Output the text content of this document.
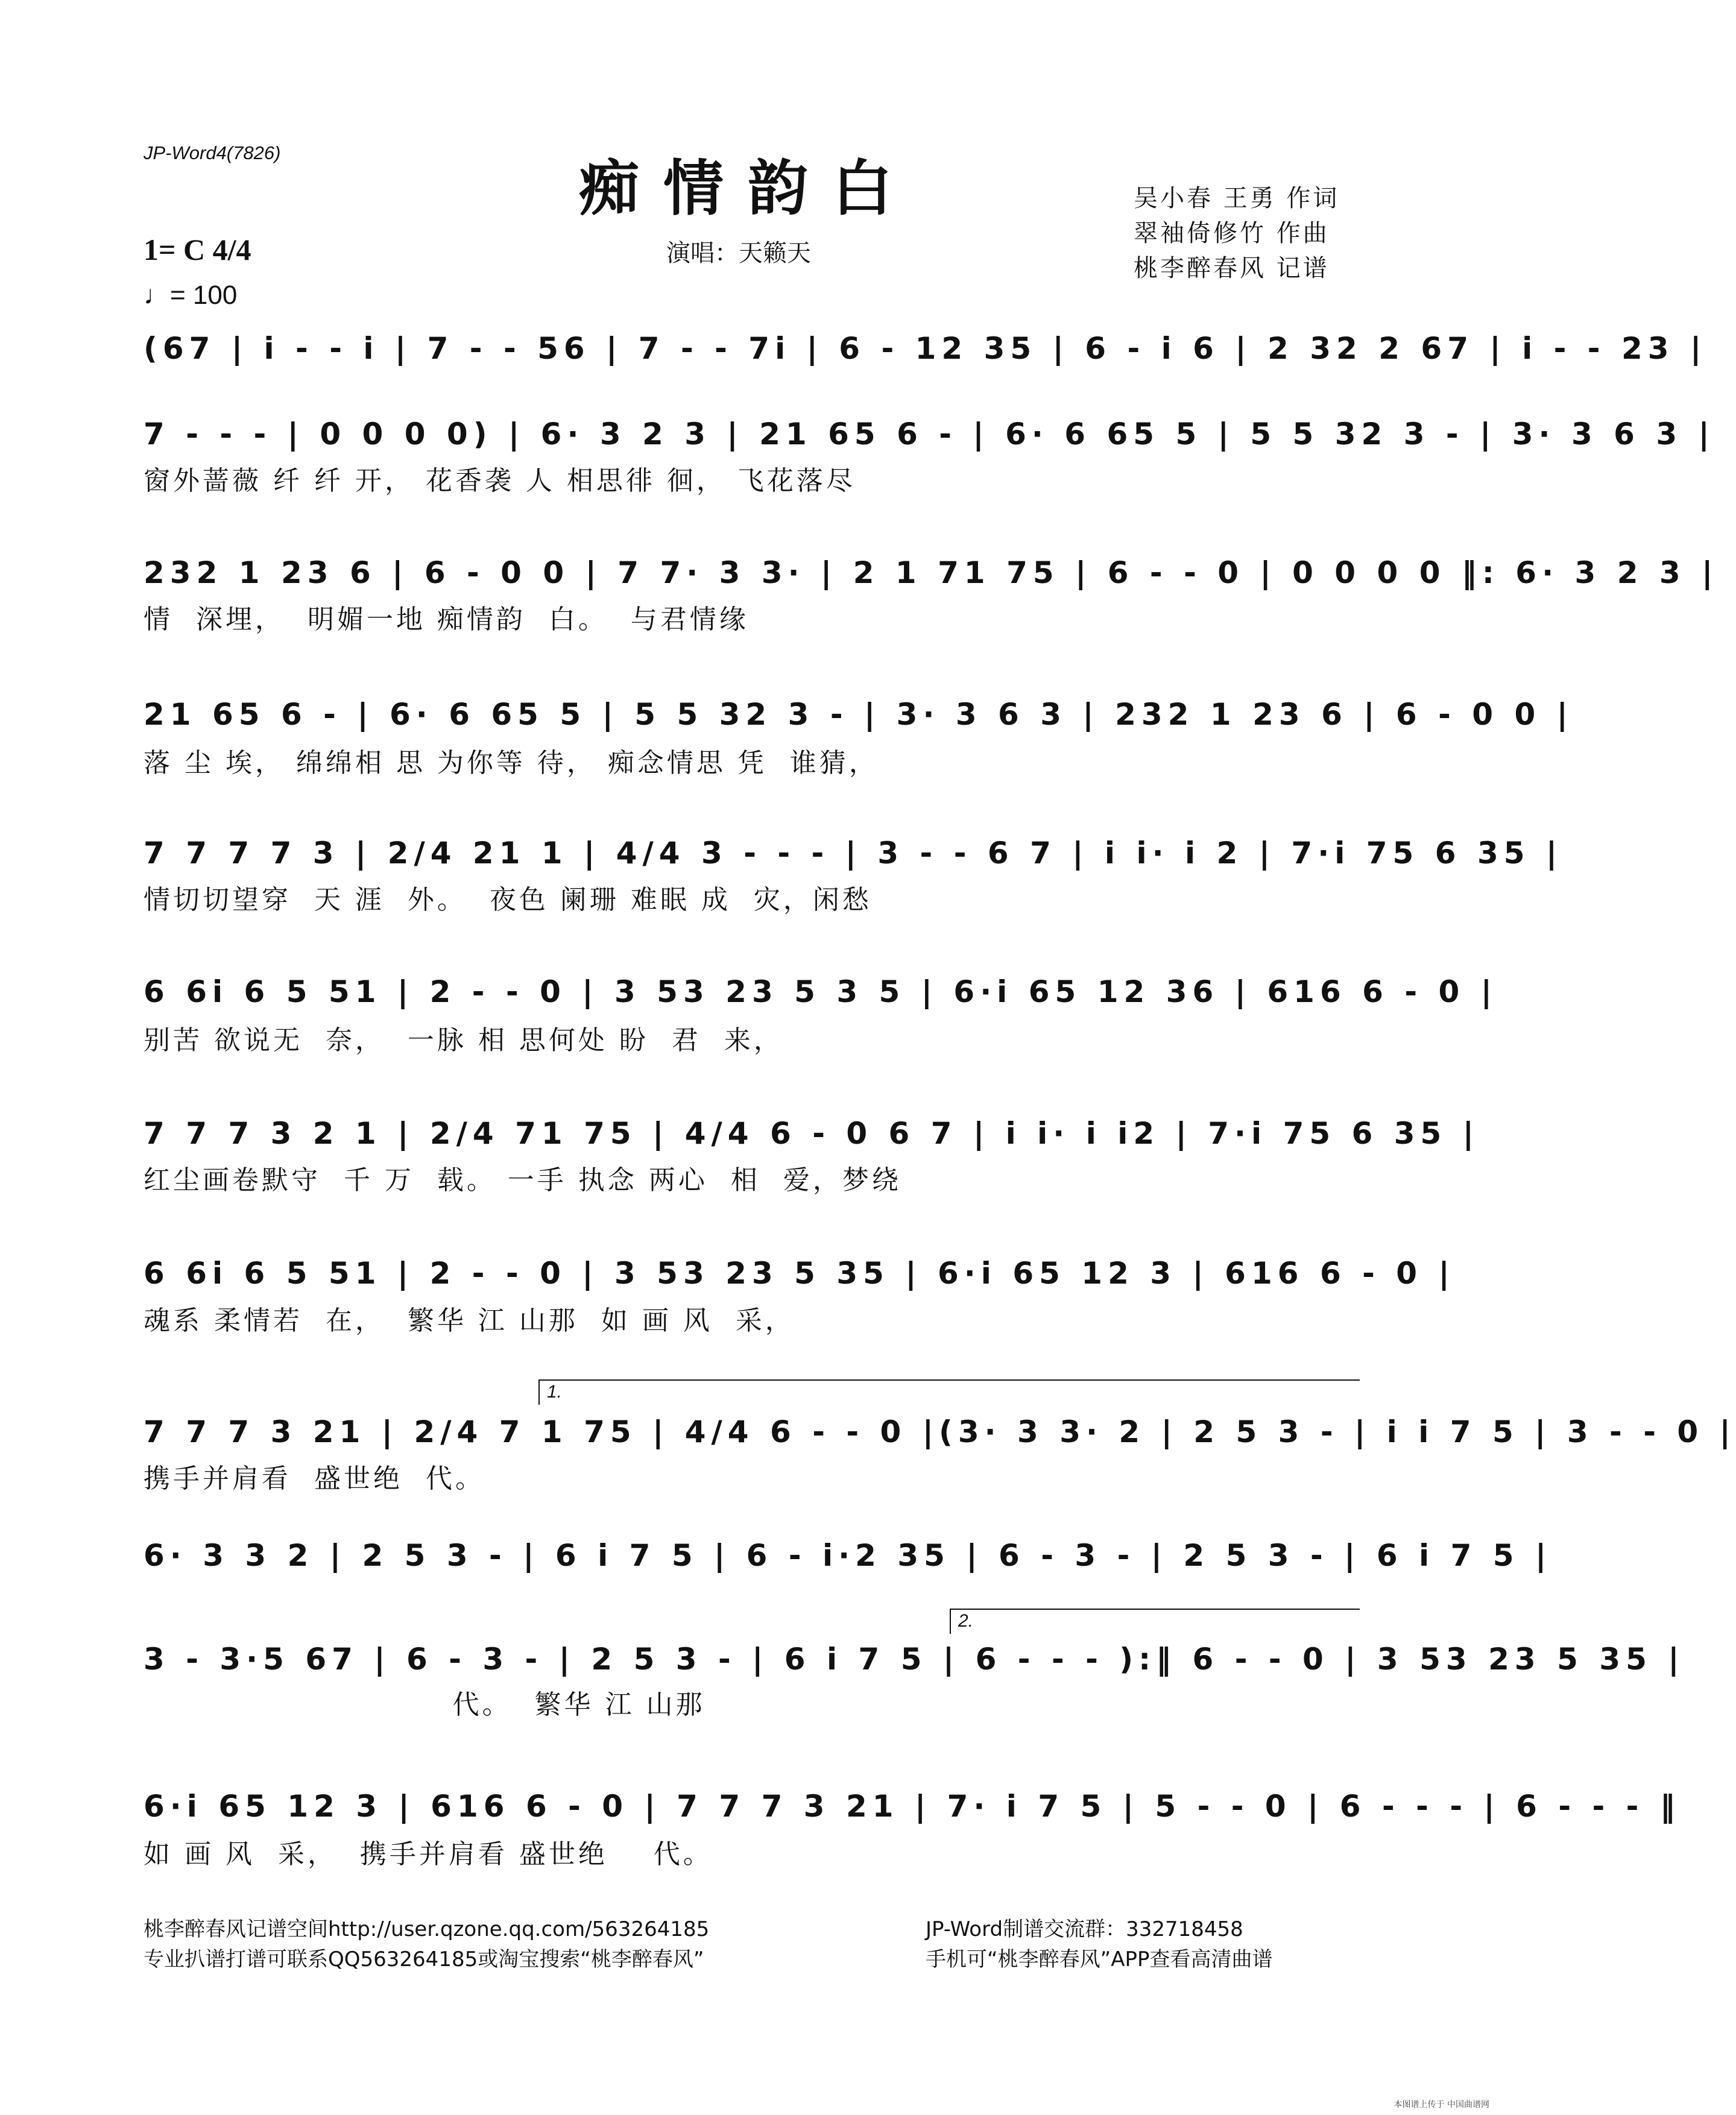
JP-Word4(7826)	痴情韵白
演唱：天籁天
吴小春 王勇 作词
翠袖倚修竹 作曲
桃李醉春风 记谱
1= C 4/4
♩= 100
(67 | i - - i | 7 - - 56 | 7 - - 7i | 6 - 12 35 | 6 - i 6 | 2 32 2 67 | i - - 23 |
7 - - - | 0 0 0 0) | 6· 3 2 3 | 21 65 6 - | 6· 6 65 5 | 5 5 32 3 - | 3· 3 6 3 |
窗外蔷薇 纤 纤 开， 花香袭 人 相思徘 徊， 飞花落尽
232 1 23 6 | 6 - 0 0 | 7 7· 3 3· | 2 1 71 75 | 6 - - 0 | 0 0 0 0 ‖: 6· 3 2 3 |
情  深埋，  明媚一地 痴情韵  白。  与君情缘
21 65 6 - | 6· 6 65 5 | 5 5 32 3 - | 3· 3 6 3 | 232 1 23 6 | 6 - 0 0 |
落 尘 埃， 绵绵相 思 为你等 待， 痴念情思 凭  谁猜，
7 7 7 7 3 | 2/4 21 1 | 4/4 3 - - - | 3 - - 6 7 | i i· i 2 | 7·i 75 6 35 |
情切切望穿  天 涯  外。  夜色 阑珊 难眠 成  灾，闲愁
6 6i 6 5 51 | 2 - - 0 | 3 53 23 5 3 5 | 6·i 65 12 36 | 616 6 - 0 |
别苦 欲说无  奈，  一脉 相 思何处 盼  君  来，
7 7 7 3 2 1 | 2/4 71 75 | 4/4 6 - 0 6 7 | i i· i i2 | 7·i 75 6 35 |
红尘画卷默守  千 万  载。 一手 执念 两心  相  爱，梦绕
6 6i 6 5 51 | 2 - - 0 | 3 53 23 5 35 | 6·i 65 12 3 | 616 6 - 0 |
魂系 柔情若  在，  繁华 江 山那  如 画 风  采，
1.
7 7 7 3 21 | 2/4 7 1 75 | 4/4 6 - - 0 |(3· 3 3· 2 | 2 5 3 - | i i 7 5 | 3 - - 0 |
携手并肩看  盛世绝  代。
6· 3 3 2 | 2 5 3 - | 6 i 7 5 | 6 - i·2 35 | 6 - 3 - | 2 5 3 - | 6 i 7 5 |
2.
3 - 3·5 67 | 6 - 3 - | 2 5 3 - | 6 i 7 5 | 6 - - - ):‖ 6 - - 0 | 3 53 23 5 35 |
代。  繁华 江 山那
6·i 65 12 3 | 616 6 - 0 | 7 7 7 3 21 | 7· i 7 5 | 5 - - 0 | 6 - - - | 6 - - - ‖
如 画 风  采，  携手并肩看 盛世绝    代。
桃李醉春风记谱空间http://user.qzone.qq.com/563264185
专业扒谱打谱可联系QQ563264185或淘宝搜索“桃李醉春风”
JP-Word制谱交流群：332718458
手机可“桃李醉春风”APP查看高清曲谱
本图谱上传于 中国曲谱网
